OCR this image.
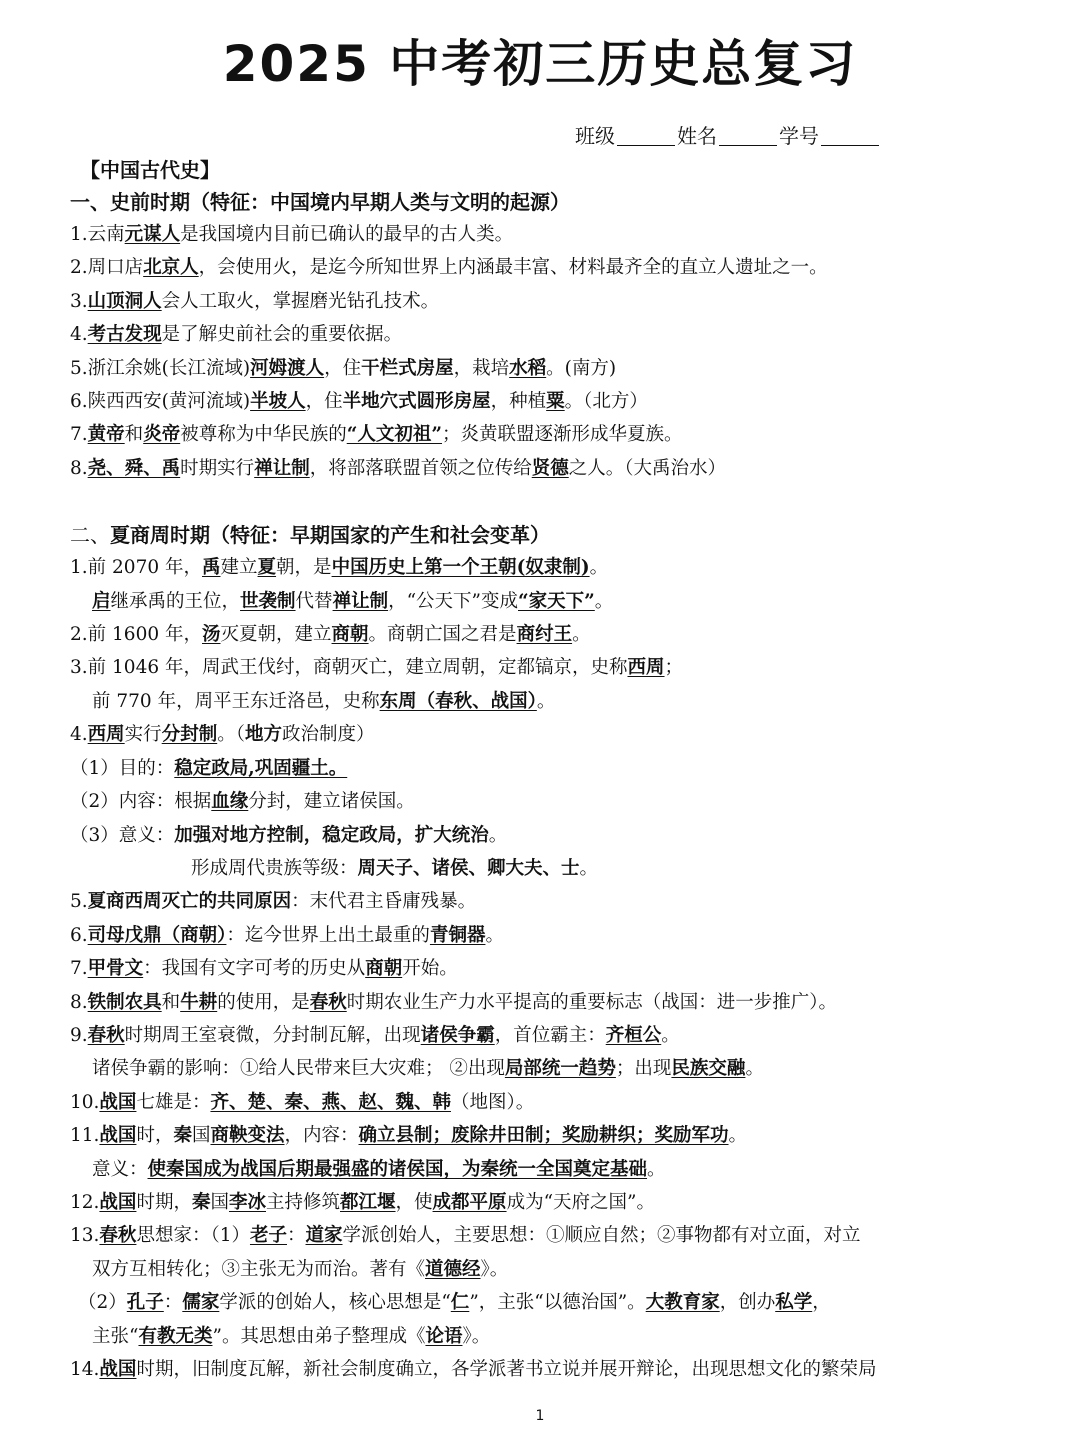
2025 中考初三历史总复习
班级	姓名	学号
【中国古代史】
一、史前时期（特征：中国境内早期人类与文明的起源）
1.云南元谋人是我国境内目前已确认的最早的古人类。
2.周口店北京人，会使用火，是迄今所知世界上内涵最丰富、材料最齐全的直立人遗址之一。
3.山顶洞人会人工取火，掌握磨光钻孔技术。
4.考古发现是了解史前社会的重要依据。
5.浙江余姚(长江流域)河姆渡人，住干栏式房屋，栽培水稻。(南方)
6.陕西西安(黄河流域)半坡人，住半地穴式圆形房屋，种植粟。（北方）
7.黄帝和炎帝被尊称为中华民族的“人文初祖”；炎黄联盟逐渐形成华夏族。
8.尧、舜、禹时期实行禅让制，将部落联盟首领之位传给贤德之人。（大禹治水）
二、夏商周时期（特征：早期国家的产生和社会变革）
1.前 2070 年，禹建立夏朝，是中国历史上第一个王朝(奴隶制)。
启继承禹的王位，世袭制代替禅让制，“公天下”变成“家天下”。
2.前 1600 年，汤灭夏朝，建立商朝。商朝亡国之君是商纣王。
3.前 1046 年，周武王伐纣，商朝灭亡，建立周朝，定都镐京，史称西周；
前 770 年，周平王东迁洛邑，史称东周（春秋、战国）。
4.西周实行分封制。（地方政治制度）
（1）目的：稳定政局,巩固疆土。
（2）内容：根据血缘分封，建立诸侯国。
（3）意义：加强对地方控制，稳定政局，扩大统治。
形成周代贵族等级：周天子、诸侯、卿大夫、士。
5.夏商西周灭亡的共同原因：末代君主昏庸残暴。
6.司母戊鼎（商朝）：迄今世界上出土最重的青铜器。
7.甲骨文：我国有文字可考的历史从商朝开始。
8.铁制农具和牛耕的使用，是春秋时期农业生产力水平提高的重要标志（战国：进一步推广）。
9.春秋时期周王室衰微，分封制瓦解，出现诸侯争霸，首位霸主：齐桓公。
诸侯争霸的影响：①给人民带来巨大灾难； ②出现局部统一趋势；出现民族交融。
10.战国七雄是：齐、楚、秦、燕、赵、魏、韩（地图）。
11.战国时，秦国商鞅变法，内容：确立县制；废除井田制；奖励耕织；奖励军功。
意义：使秦国成为战国后期最强盛的诸侯国，为秦统一全国奠定基础。
12.战国时期，秦国李冰主持修筑都江堰，使成都平原成为“天府之国”。
13.春秋思想家：（1）老子：道家学派创始人，主要思想：①顺应自然；②事物都有对立面，对立
双方互相转化；③主张无为而治。著有《道德经》。
（2）孔子：儒家学派的创始人，核心思想是“仁”，主张“以德治国”。大教育家，创办私学，
主张“有教无类”。其思想由弟子整理成《论语》。
14.战国时期，旧制度瓦解，新社会制度确立，各学派著书立说并展开辩论，出现思想文化的繁荣局
1
